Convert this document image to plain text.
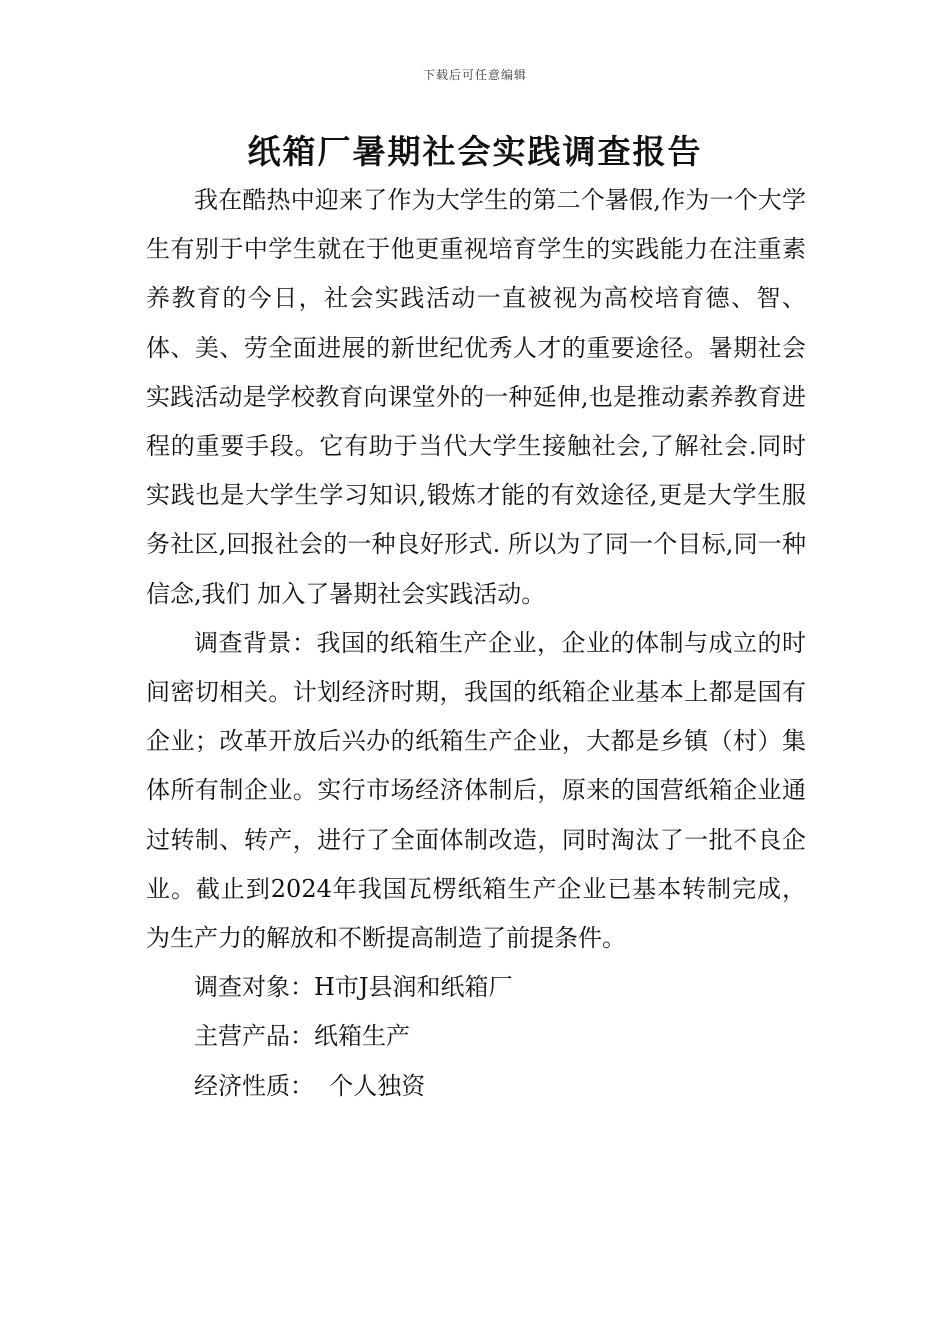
下载后可任意编辑
纸箱厂暑期社会实践调查报告

我在酷热中迎来了作为大学生的第二个暑假,作为一个大学生有别于中学生就在于他更重视培育学生的实践能力在注重素养教育的今日，社会实践活动一直被视为高校培育德、智、体、美、劳全面进展的新世纪优秀人才的重要途径。暑期社会实践活动是学校教育向课堂外的一种延伸,也是推动素养教育进程的重要手段。它有助于当代大学生接触社会,了解社会.同时实践也是大学生学习知识,锻炼才能的有效途径,更是大学生服务社区,回报社会的一种良好形式. 所以为了同一个目标,同一种信念,我们 加入了暑期社会实践活动。

调查背景：我国的纸箱生产企业，企业的体制与成立的时间密切相关。计划经济时期，我国的纸箱企业基本上都是国有企业；改革开放后兴办的纸箱生产企业，大都是乡镇（村）集体所有制企业。实行市场经济体制后，原来的国营纸箱企业通过转制、转产，进行了全面体制改造，同时淘汰了一批不良企业。截止到2024年我国瓦楞纸箱生产企业已基本转制完成，为生产力的解放和不断提高制造了前提条件。

调查对象：H市J县润和纸箱厂

主营产品：纸箱生产

经济性质：  个人独资
